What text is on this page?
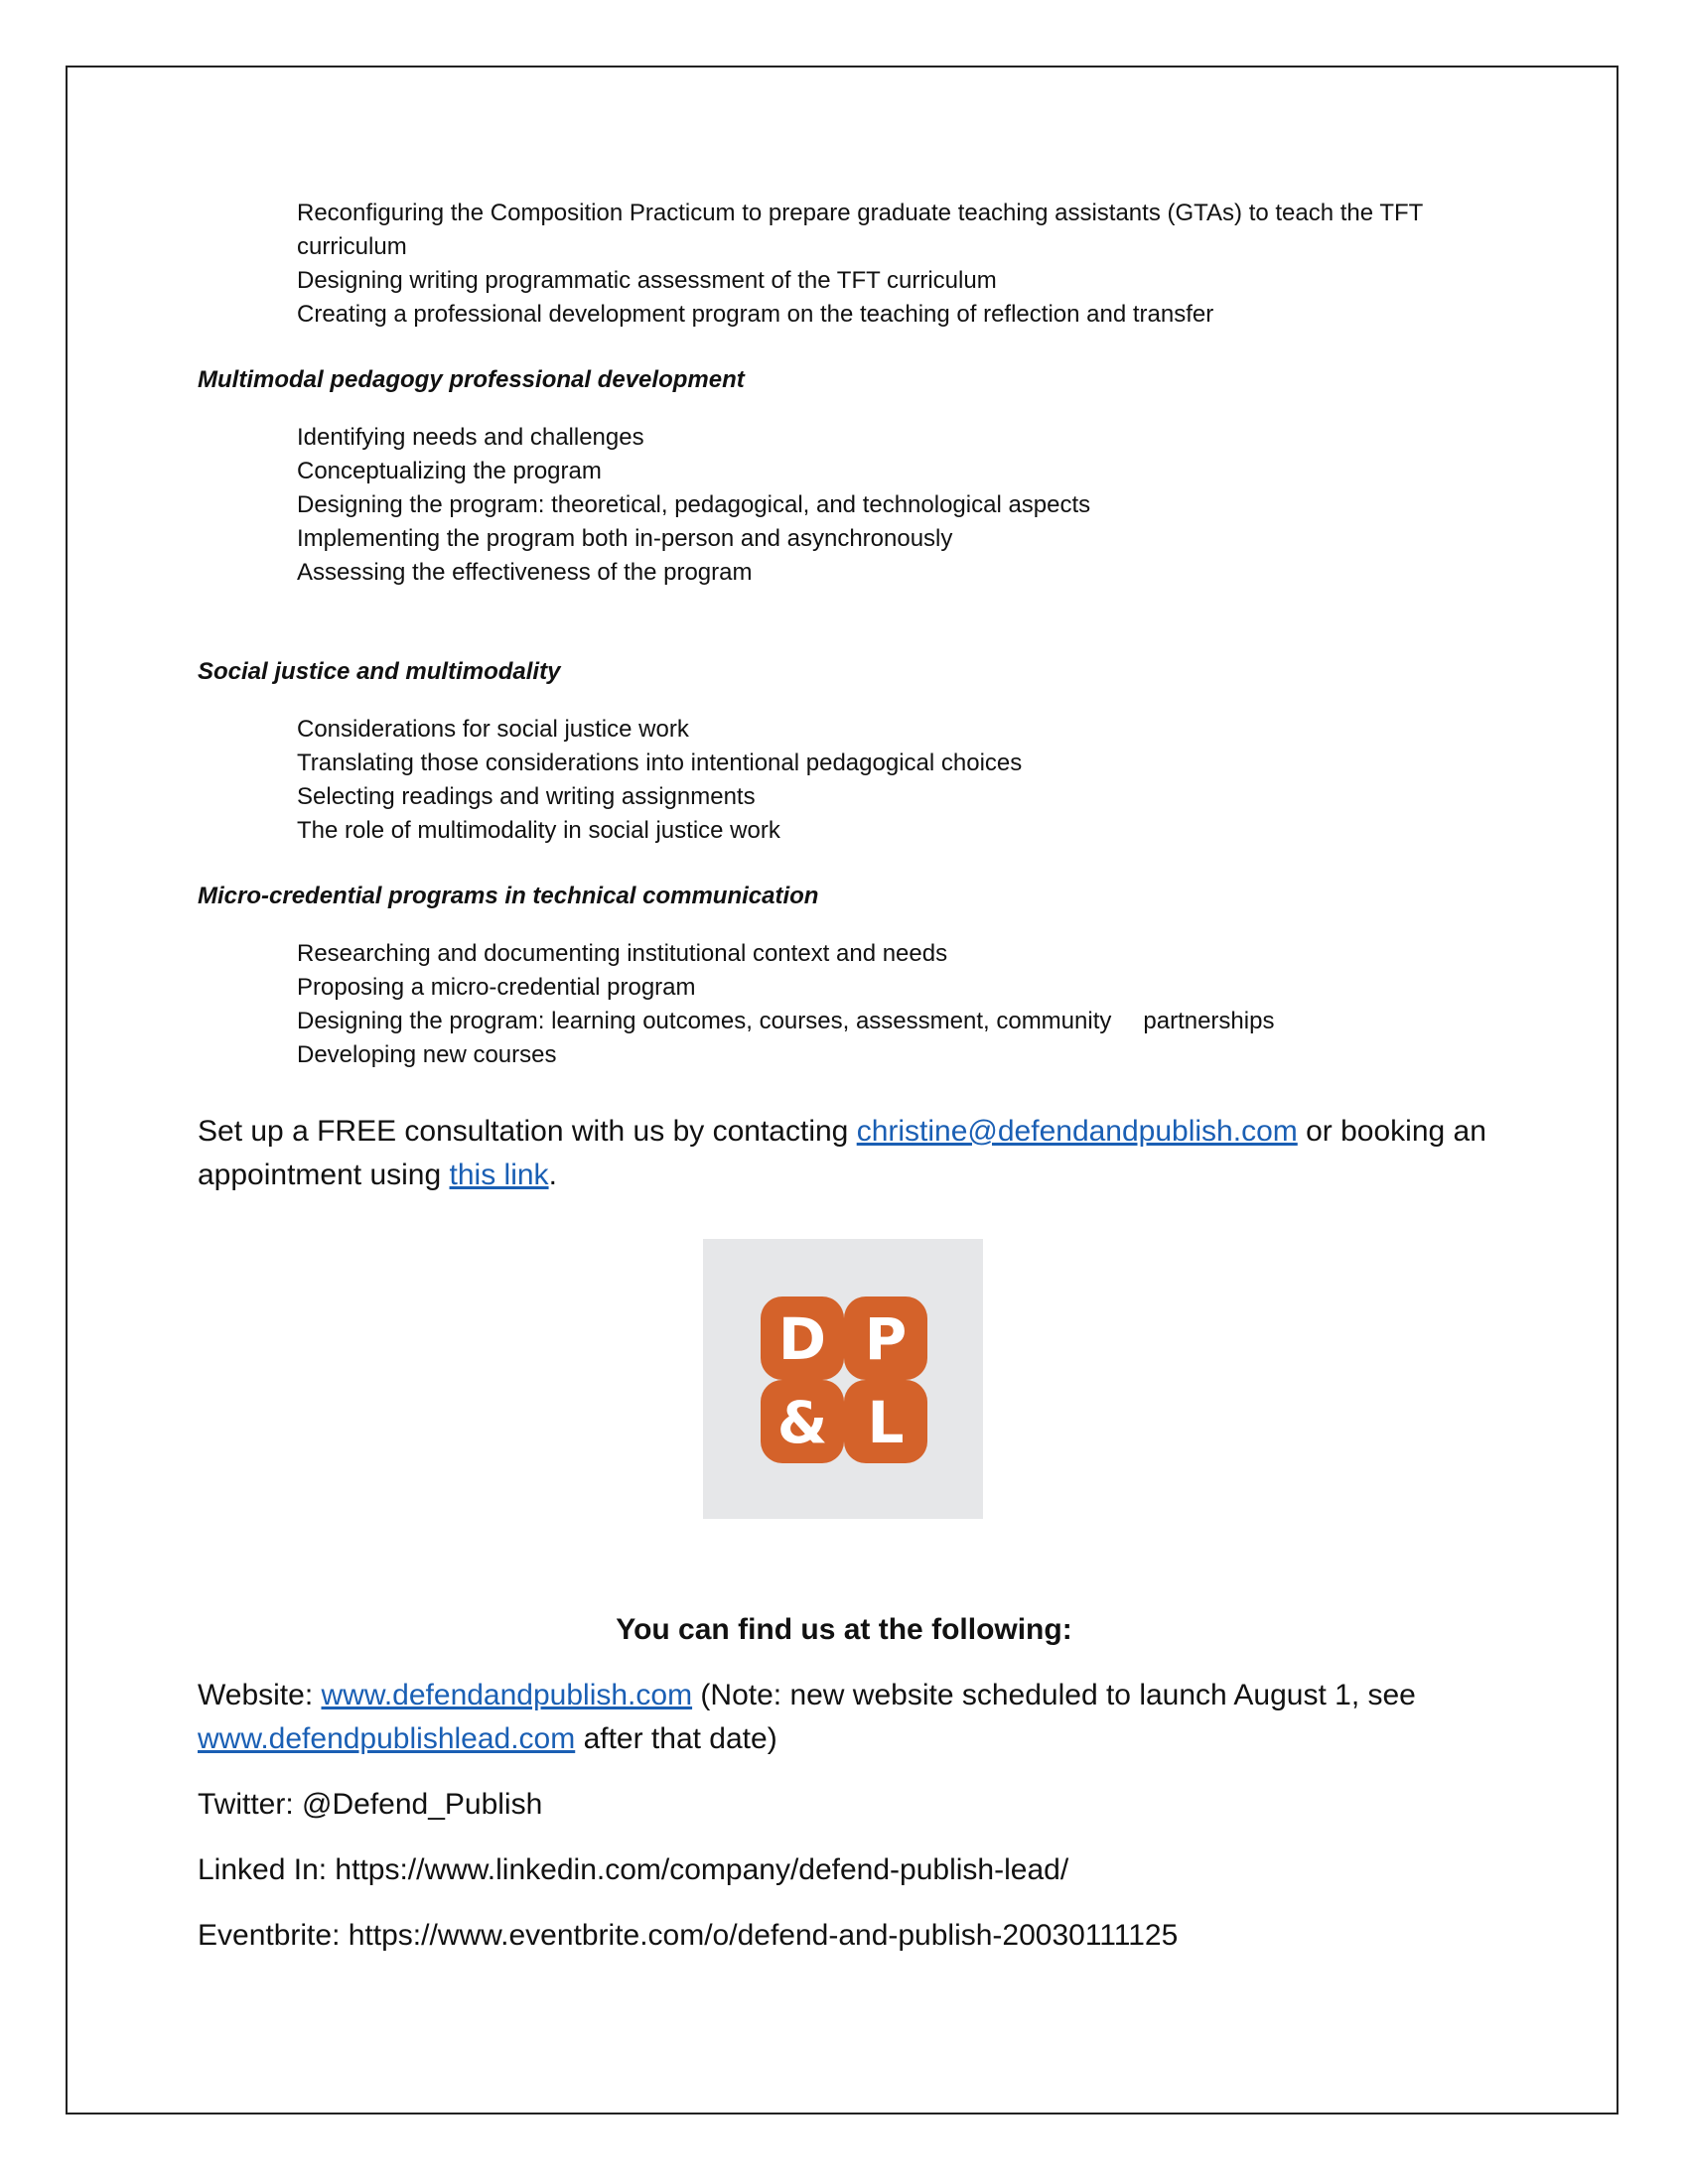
Reconfiguring the Composition Practicum to prepare graduate teaching assistants (GTAs) to teach the TFT curriculum

Designing writing programmatic assessment of the TFT curriculum

Creating a professional development program on the teaching of reflection and transfer

Multimodal pedagogy professional development

Identifying needs and challenges

Conceptualizing the program

Designing the program: theoretical, pedagogical, and technological aspects

Implementing the program both in-person and asynchronously

Assessing the effectiveness of the program

Social justice and multimodality

Considerations for social justice work

Translating those considerations into intentional pedagogical choices

Selecting readings and writing assignments

The role of multimodality in social justice work

Micro-credential programs in technical communication

Researching and documenting institutional context and needs

Proposing a micro-credential program

Designing the program: learning outcomes, courses, assessment, community partnerships

Developing new courses

Set up a FREE consultation with us by contacting christine@defendandpublish.com or booking an appointment using this link.

D P
& L
You can find us at the following:

Website: www.defendandpublish.com (Note: new website scheduled to launch August 1, see www.defendpublishlead.com after that date)

Twitter: @Defend_Publish

Linked In: https://www.linkedin.com/company/defend-publish-lead/

Eventbrite: https://www.eventbrite.com/o/defend-and-publish-20030111125
